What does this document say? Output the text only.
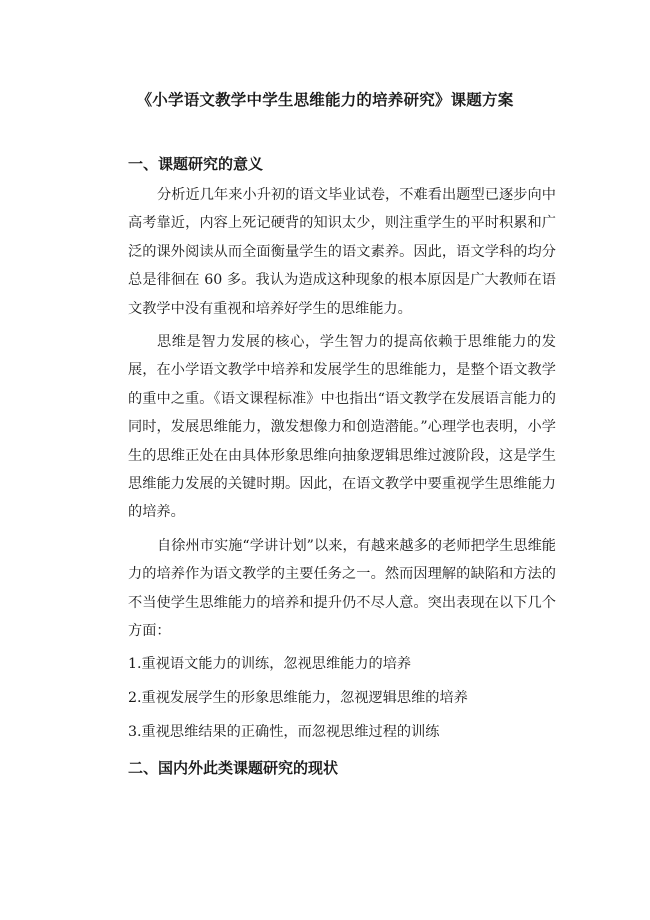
《小学语文教学中学生思维能力的培养研究》课题方案

一、课题研究的意义

分析近几年来小升初的语文毕业试卷，不难看出题型已逐步向中高考靠近，内容上死记硬背的知识太少，则注重学生的平时积累和广泛的课外阅读从而全面衡量学生的语文素养。因此，语文学科的均分总是徘徊在 60 多。我认为造成这种现象的根本原因是广大教师在语文教学中没有重视和培养好学生的思维能力。

思维是智力发展的核心，学生智力的提高依赖于思维能力的发展，在小学语文教学中培养和发展学生的思维能力，是整个语文教学的重中之重。《语文课程标准》中也指出“语文教学在发展语言能力的同时，发展思维能力，激发想像力和创造潜能。”心理学也表明，小学生的思维正处在由具体形象思维向抽象逻辑思维过渡阶段，这是学生思维能力发展的关键时期。因此，在语文教学中要重视学生思维能力的培养。

自徐州市实施“学讲计划”以来，有越来越多的老师把学生思维能力的培养作为语文教学的主要任务之一。然而因理解的缺陷和方法的不当使学生思维能力的培养和提升仍不尽人意。突出表现在以下几个方面：

1.重视语文能力的训练，忽视思维能力的培养

2.重视发展学生的形象思维能力，忽视逻辑思维的培养

3.重视思维结果的正确性，而忽视思维过程的训练

二、国内外此类课题研究的现状
